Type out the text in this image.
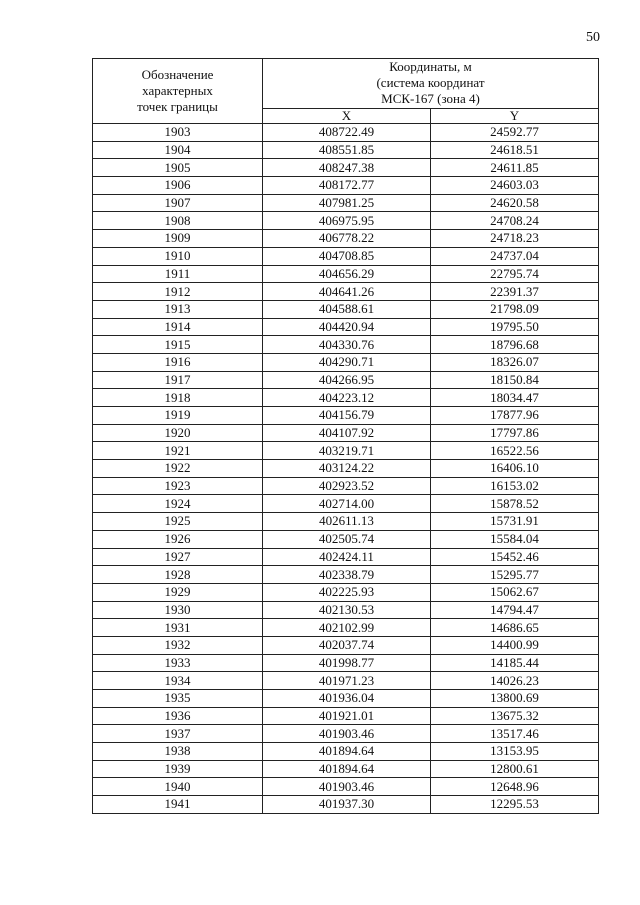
50
Обозначение
характерных
точек границы	Координаты, м
(система координат
МСК-167 (зона 4)	

	X	Y
1903	408722.49	24592.77
1904	408551.85	24618.51
1905	408247.38	24611.85
1906	408172.77	24603.03
1907	407981.25	24620.58
1908	406975.95	24708.24
1909	406778.22	24718.23
1910	404708.85	24737.04
1911	404656.29	22795.74
1912	404641.26	22391.37
1913	404588.61	21798.09
1914	404420.94	19795.50
1915	404330.76	18796.68
1916	404290.71	18326.07
1917	404266.95	18150.84
1918	404223.12	18034.47
1919	404156.79	17877.96
1920	404107.92	17797.86
1921	403219.71	16522.56
1922	403124.22	16406.10
1923	402923.52	16153.02
1924	402714.00	15878.52
1925	402611.13	15731.91
1926	402505.74	15584.04
1927	402424.11	15452.46
1928	402338.79	15295.77
1929	402225.93	15062.67
1930	402130.53	14794.47
1931	402102.99	14686.65
1932	402037.74	14400.99
1933	401998.77	14185.44
1934	401971.23	14026.23
1935	401936.04	13800.69
1936	401921.01	13675.32
1937	401903.46	13517.46
1938	401894.64	13153.95
1939	401894.64	12800.61
1940	401903.46	12648.96
1941	401937.30	12295.53
